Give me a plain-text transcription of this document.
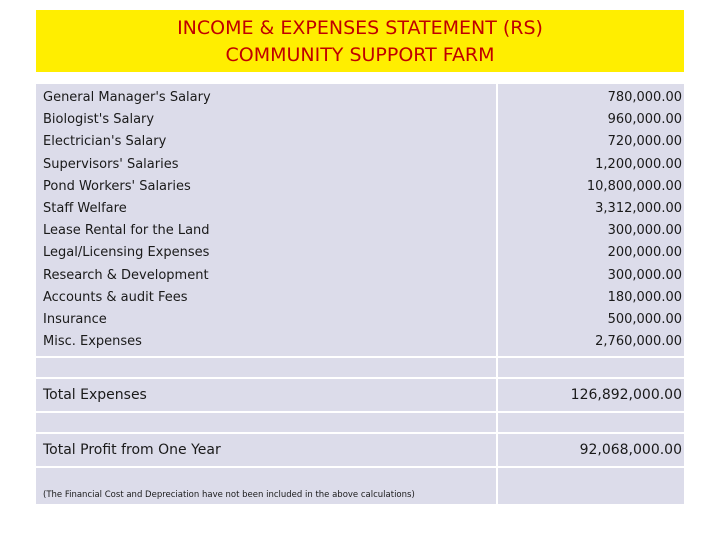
INCOME & EXPENSES STATEMENT (RS)
COMMUNITY SUPPORT FARM
General Manager's Salary
Biologist's Salary
Electrician's Salary
Supervisors' Salaries
Pond Workers' Salaries
Staff Welfare
Lease Rental for the Land
Legal/Licensing Expenses
Research & Development
Accounts & audit Fees
Insurance
Misc. Expenses
780,000.00
960,000.00
720,000.00
1,200,000.00
10,800,000.00
3,312,000.00
300,000.00
200,000.00
300,000.00
180,000.00
500,000.00
2,760,000.00
Total Expenses	126,892,000.00
Total Profit from One Year	92,068,000.00
(The Financial Cost and Depreciation have not been included in the above calculations)
